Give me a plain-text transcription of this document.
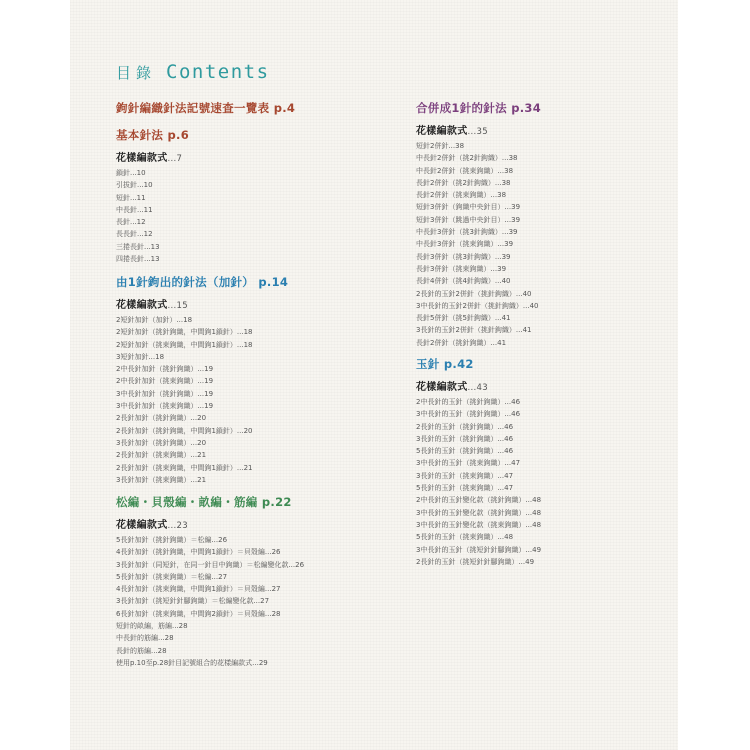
目錄 Contents
鉤針編織針法記號速查一覽表 p.4
基本針法 p.6
花樣編款式...7
鎖針...10
引拔針...10
短針...11
中長針...11
長針...12
長長針...12
三捲長針...13
四捲長針...13
由1針鉤出的針法（加針） p.14
花樣編款式...15
2短針加針（加針）...18
2短針加針（挑針鉤織，中間鉤1鎖針）...18
2短針加針（挑束鉤織，中間鉤1鎖針）...18
3短針加針...18
2中長針加針（挑針鉤織）...19
2中長針加針（挑束鉤織）...19
3中長針加針（挑針鉤織）...19
3中長針加針（挑束鉤織）...19
2長針加針（挑針鉤織）...20
2長針加針（挑針鉤織，中間鉤1鎖針）...20
3長針加針（挑針鉤織）...20
2長針加針（挑束鉤織）...21
2長針加針（挑束鉤織，中間鉤1鎖針）...21
3長針加針（挑束鉤織）...21
松編・貝殼編・畝編・筋編 p.22
花樣編款式...23
5長針加針（挑針鉤織）＝松編...26
4長針加針（挑針鉤織，中間鉤1鎖針）＝貝殼編...26
3長針加針（同短針，在同一針目中鉤織）＝松編變化款...26
5長針加針（挑束鉤織）＝松編...27
4長針加針（挑束鉤織，中間鉤1鎖針）＝貝殼編...27
3長針加針（挑短針針腳鉤織）＝松編變化款...27
6長針加針（挑束鉤織，中間鉤2鎖針）＝貝殼編...28
短針的畝編，筋編...28
中長針的筋編...28
長針的筋編...28
使用p.10至p.28針目記號組合的花樣編款式...29
合併成1針的針法 p.34
花樣編款式...35
短針2併針...38
中長針2併針（挑2針鉤織）...38
中長針2併針（挑束鉤織）...38
長針2併針（挑2針鉤織）...38
長針2併針（挑束鉤織）...38
短針3併針（鉤織中央針目）...39
短針3併針（跳過中央針目）...39
中長針3併針（挑3針鉤織）...39
中長針3併針（挑束鉤織）...39
長針3併針（挑3針鉤織）...39
長針3併針（挑束鉤織）...39
長針4併針（挑4針鉤織）...40
2長針的玉針2併針（挑針鉤織）...40
3中長針的玉針2併針（挑針鉤織）...40
長針5併針（挑5針鉤織）...41
3長針的玉針2併針（挑針鉤織）...41
長針2併針（挑針鉤織）...41
玉針 p.42
花樣編款式...43
2中長針的玉針（挑針鉤織）...46
3中長針的玉針（挑針鉤織）...46
2長針的玉針（挑針鉤織）...46
3長針的玉針（挑針鉤織）...46
5長針的玉針（挑針鉤織）...46
3中長針的玉針（挑束鉤織）...47
3長針的玉針（挑束鉤織）...47
5長針的玉針（挑束鉤織）...47
2中長針的玉針變化款（挑針鉤織）...48
3中長針的玉針變化款（挑針鉤織）...48
3中長針的玉針變化款（挑束鉤織）...48
5長針的玉針（挑束鉤織）...48
3中長針的玉針（挑短針針腳鉤織）...49
2長針的玉針（挑短針針腳鉤織）...49
